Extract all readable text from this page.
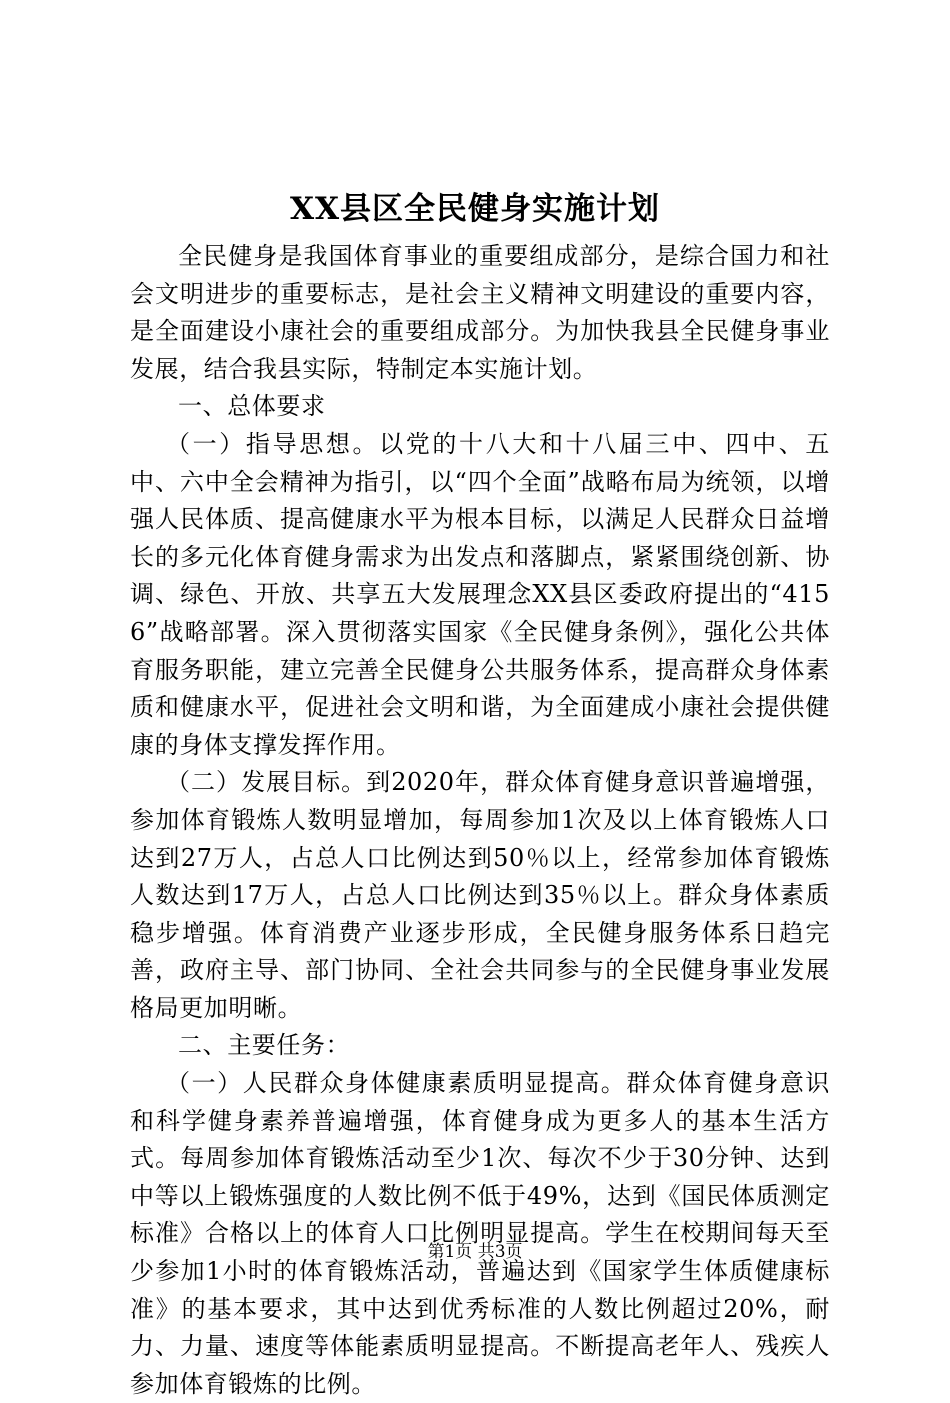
XX县区全民健身实施计划

全民健身是我国体育事业的重要组成部分，是综合国力和社会文明进步的重要标志，是社会主义精神文明建设的重要内容，是全面建设小康社会的重要组成部分。为加快我县全民健身事业发展，结合我县实际，特制定本实施计划。

一、总体要求

（一）指导思想。以党的十八大和十八届三中、四中、五中、六中全会精神为指引，以“四个全面”战略布局为统领，以增强人民体质、提高健康水平为根本目标，以满足人民群众日益增长的多元化体育健身需求为出发点和落脚点，紧紧围绕创新、协调、绿色、开放、共享五大发展理念XX县区委政府提出的“4156”战略部署。深入贯彻落实国家《全民健身条例》，强化公共体育服务职能，建立完善全民健身公共服务体系，提高群众身体素质和健康水平，促进社会文明和谐，为全面建成小康社会提供健康的身体支撑发挥作用。

（二）发展目标。到2020年，群众体育健身意识普遍增强，参加体育锻炼人数明显增加，每周参加1次及以上体育锻炼人口达到27万人，占总人口比例达到50％以上，经常参加体育锻炼人数达到17万人，占总人口比例达到35％以上。群众身体素质稳步增强。体育消费产业逐步形成，全民健身服务体系日趋完善，政府主导、部门协同、全社会共同参与的全民健身事业发展格局更加明晰。

二、主要任务：

（一）人民群众身体健康素质明显提高。群众体育健身意识和科学健身素养普遍增强，体育健身成为更多人的基本生活方式。每周参加体育锻炼活动至少1次、每次不少于30分钟、达到中等以上锻炼强度的人数比例不低于49%，达到《国民体质测定标准》合格以上的体育人口比例明显提高。学生在校期间每天至少参加1小时的体育锻炼活动，普遍达到《国家学生体质健康标准》的基本要求，其中达到优秀标准的人数比例超过20%，耐力、力量、速度等体能素质明显提高。不断提高老年人、残疾人参加体育锻炼的比例。

第1页 共3页
